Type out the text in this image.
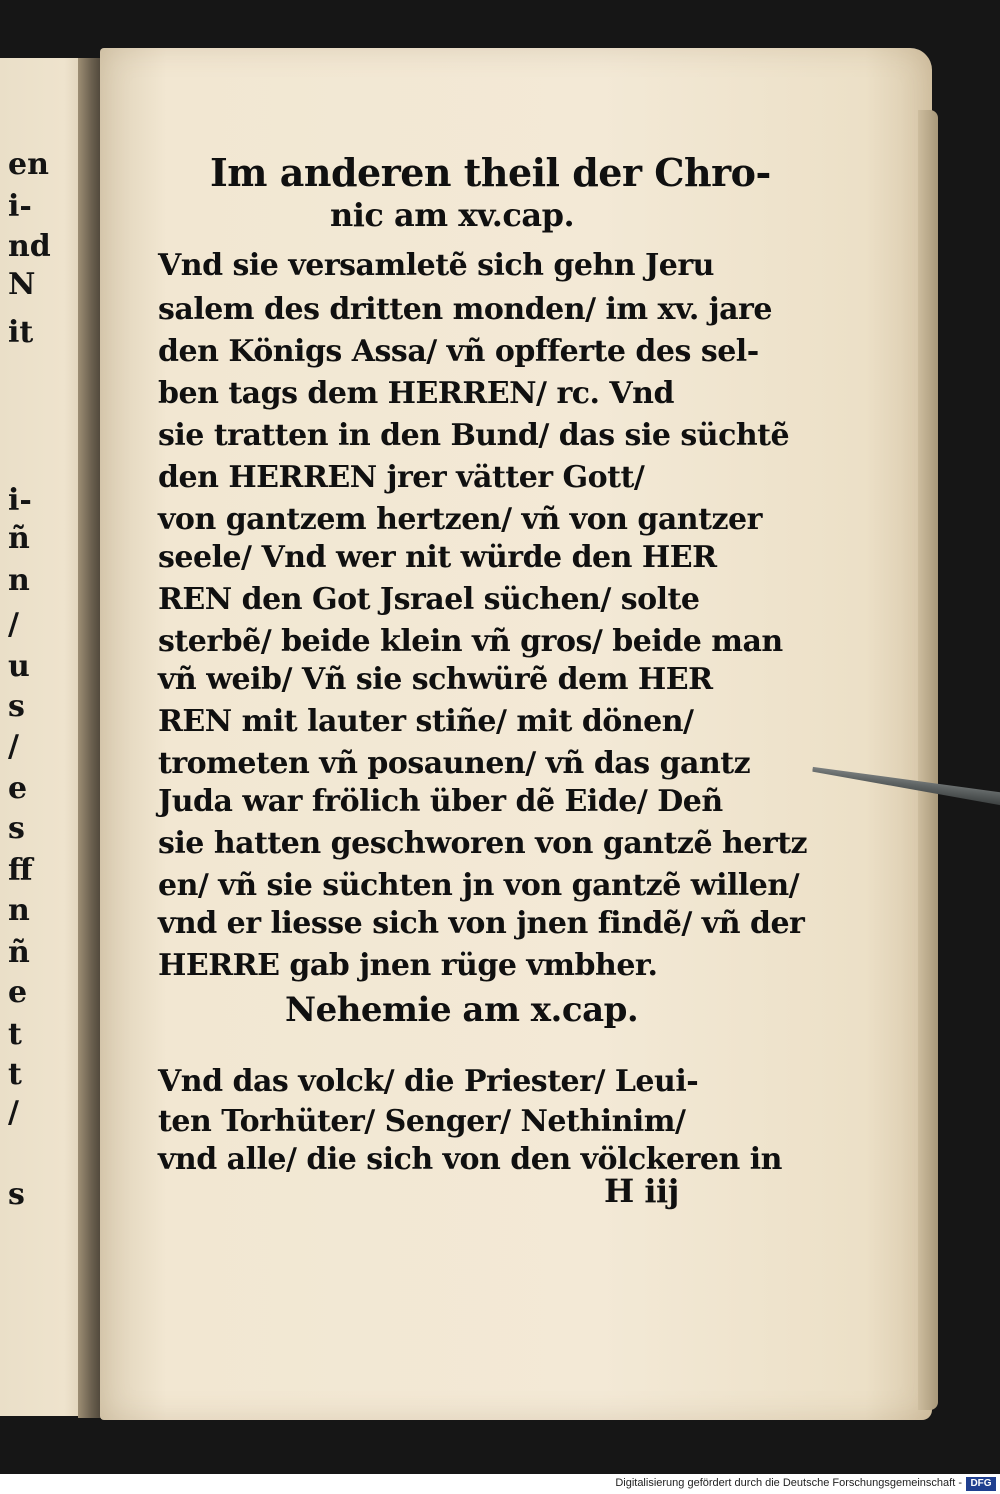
en
i-
nd
N
it
i-
ñ
n
/
u
s
/
e
s
ff
n
ñ
e
t
t
/
s
Im anderen theil der Chro-
nic am xv.cap.
Vnd sie versamletẽ sich gehn Jeru
salem des dritten monden/ im xv. jare
den Königs Assa/ vñ opfferte des sel-
ben tags dem HERREN/ rc. Vnd
sie tratten in den Bund/ das sie süchtẽ
den HERREN jrer vätter Gott/
von gantzem hertzen/ vñ von gantzer
seele/ Vnd wer nit würde den HER
REN den Got Jsrael süchen/ solte
sterbẽ/ beide klein vñ gros/ beide man
vñ weib/ Vñ sie schwürẽ dem HER
REN mit lauter stiñe/ mit dönen/
trometen vñ posaunen/ vñ das gantz
Juda war frölich über dẽ Eide/ Deñ
sie hatten geschworen von gantzẽ hertz
en/ vñ sie süchten jn von gantzẽ willen/
vnd er liesse sich von jnen findẽ/ vñ der
HERRE gab jnen rüge vmbher.
Nehemie am x.cap.
Vnd das volck/ die Priester/ Leui-
ten Torhüter/ Senger/ Nethinim/
vnd alle/ die sich von den völckeren in
H iij
Digitalisierung gefördert durch die Deutsche Forschungsgemeinschaft - DFG
